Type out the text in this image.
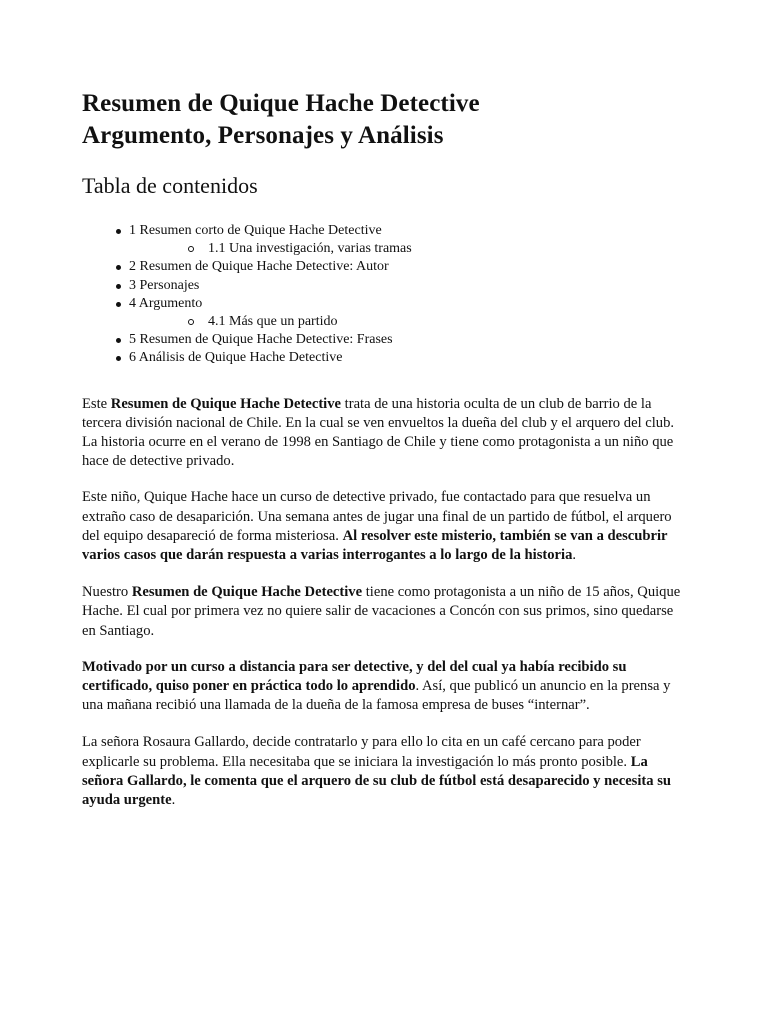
Resumen de Quique Hache Detective
Argumento, Personajes y Análisis
Tabla de contenidos
1 Resumen corto de Quique Hache Detective
1.1 Una investigación, varias tramas
2 Resumen de Quique Hache Detective: Autor
3 Personajes
4 Argumento
4.1 Más que un partido
5 Resumen de Quique Hache Detective: Frases
6 Análisis de Quique Hache Detective

Este Resumen de Quique Hache Detective trata de una historia oculta de un club de barrio de la tercera división nacional de Chile. En la cual se ven envueltos la dueña del club y el arquero del club. La historia ocurre en el verano de 1998 en Santiago de Chile y tiene como protagonista a un niño que hace de detective privado.

Este niño, Quique Hache hace un curso de detective privado, fue contactado para que resuelva un extraño caso de desaparición. Una semana antes de jugar una final de un partido de fútbol, el arquero del equipo desapareció de forma misteriosa. Al resolver este misterio, también se van a descubrir varios casos que darán respuesta a varias interrogantes a lo largo de la historia.

Nuestro Resumen de Quique Hache Detective tiene como protagonista a un niño de 15 años, Quique Hache. El cual por primera vez no quiere salir de vacaciones a Concón con sus primos, sino quedarse en Santiago.

Motivado por un curso a distancia para ser detective, y del del cual ya había recibido su certificado, quiso poner en práctica todo lo aprendido. Así, que publicó un anuncio en la prensa y una mañana recibió una llamada de la dueña de la famosa empresa de buses “internar”.

La señora Rosaura Gallardo, decide contratarlo y para ello lo cita en un café cercano para poder explicarle su problema. Ella necesitaba que se iniciara la investigación lo más pronto posible. La señora Gallardo, le comenta que el arquero de su club de fútbol está desaparecido y necesita su ayuda urgente.
